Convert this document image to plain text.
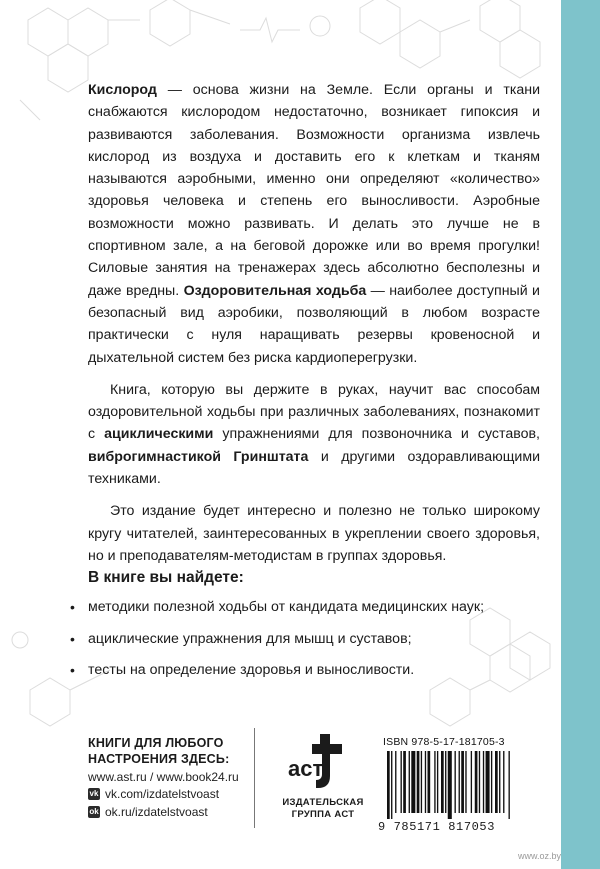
Кислород — основа жизни на Земле. Если органы и ткани снабжаются кислородом недостаточно, возникает гипоксия и развиваются заболевания. Возможности организма извлечь кислород из воздуха и доставить его к клеткам и тканям называются аэробными, именно они определяют «количество» здоровья человека и степень его выносливости. Аэробные возможности можно развивать. И делать это лучше не в спортивном зале, а на беговой дорожке или во время прогулки! Силовые занятия на тренажерах здесь абсолютно бесполезны и даже вредны. Оздоровительная ходьба — наиболее доступный и безопасный вид аэробики, позволяющий в любом возрасте практически с нуля наращивать резервы кровеносной и дыхательной систем без риска кардиоперегрузки.

Книга, которую вы держите в руках, научит вас способам оздоровительной ходьбы при различных заболеваниях, познакомит с ациклическими упражнениями для позвоночника и суставов, виброгимнастикой Гринштата и другими оздоравливающими техниками.

Это издание будет интересно и полезно не только широкому кругу читателей, заинтересованных в укреплении своего здоровья, но и преподавателям-методистам в группах здоровья.

В книге вы найдете:
• методики полезной ходьбы от кандидата медицинских наук;
• ациклические упражнения для мышц и суставов;
• тесты на определение здоровья и выносливости.
КНИГИ ДЛЯ ЛЮБОГО НАСТРОЕНИЯ ЗДЕСЬ:
www.ast.ru / www.book24.ru
vk vk.com/izdatelstvoast
ok ok.ru/izdatelstvoast
аст
ИЗДАТЕЛЬСКАЯ ГРУППА АСТ
ISBN 978-5-17-181705-3
9 785171 817053
www.oz.by
